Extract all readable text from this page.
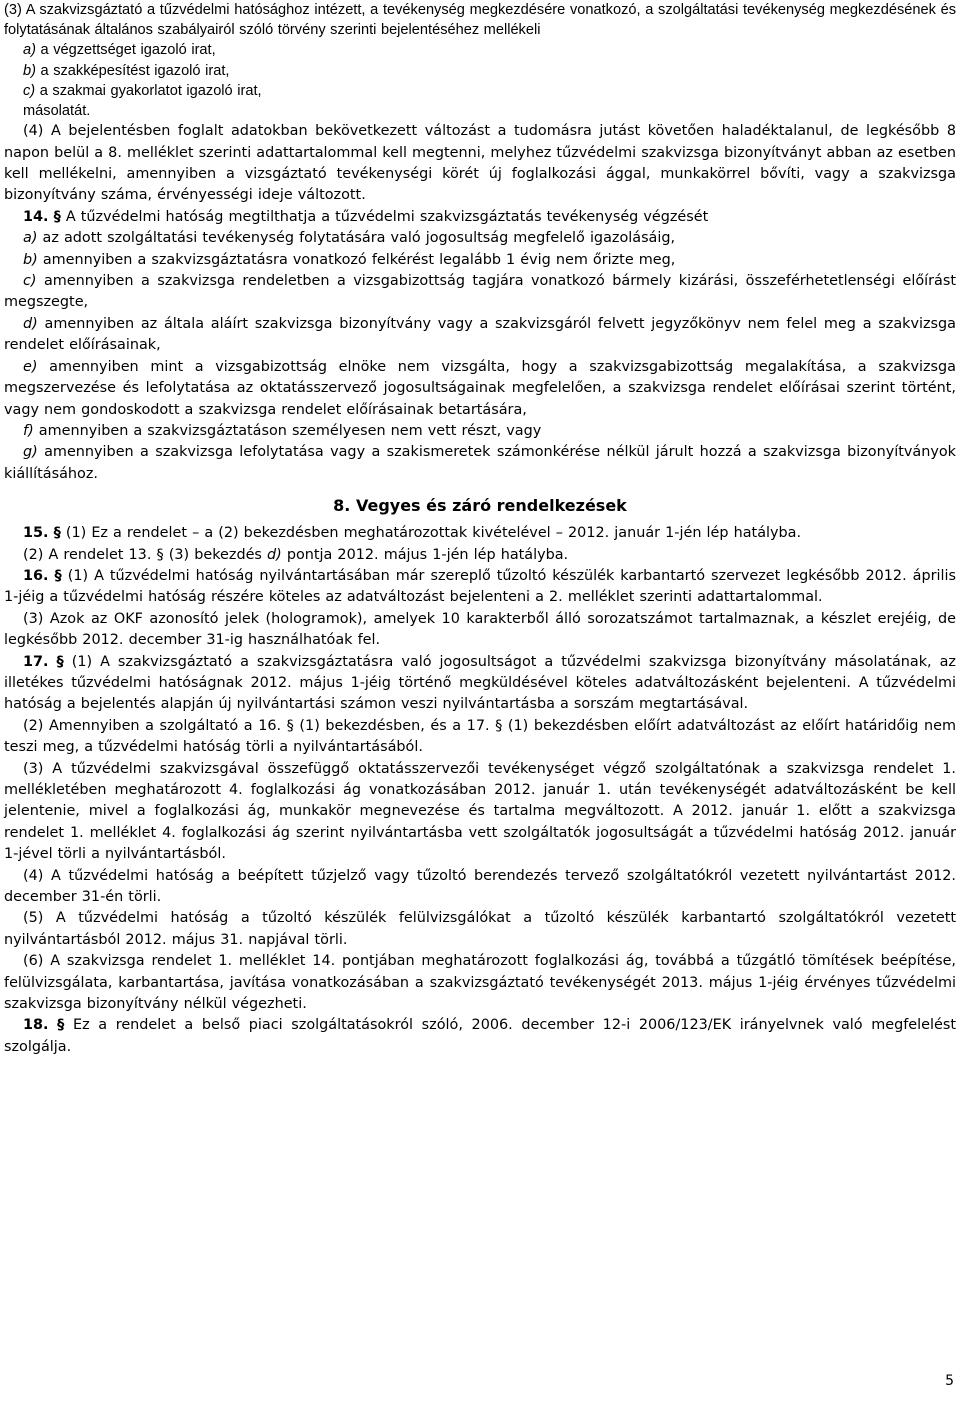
(3) A szakvizsgáztató a tűzvédelmi hatósághoz intézett, a tevékenység megkezdésére vonatkozó, a szolgáltatási tevékenység megkezdésének és folytatásának általános szabályairól szóló törvény szerinti bejelentéséhez mellékeli

a) a végzettséget igazoló irat,

b) a szakképesítést igazoló irat,

c) a szakmai gyakorlatot igazoló irat,

másolatát.

(4) A bejelentésben foglalt adatokban bekövetkezett változást a tudomásra jutást követően haladéktalanul, de legkésőbb 8 napon belül a 8. melléklet szerinti adattartalommal kell megtenni, melyhez tűzvédelmi szakvizsga bizonyítványt abban az esetben kell mellékelni, amennyiben a vizsgáztató tevékenységi körét új foglalkozási ággal, munkakörrel bővíti, vagy a szakvizsga bizonyítvány száma, érvényességi ideje változott.

14. § A tűzvédelmi hatóság megtilthatja a tűzvédelmi szakvizsgáztatás tevékenység végzését

a) az adott szolgáltatási tevékenység folytatására való jogosultság megfelelő igazolásáig,

b) amennyiben a szakvizsgáztatásra vonatkozó felkérést legalább 1 évig nem őrizte meg,

c) amennyiben a szakvizsga rendeletben a vizsgabizottság tagjára vonatkozó bármely kizárási, összeférhetetlenségi előírást megszegte,

d) amennyiben az általa aláírt szakvizsga bizonyítvány vagy a szakvizsgáról felvett jegyzőkönyv nem felel meg a szakvizsga rendelet előírásainak,

e) amennyiben mint a vizsgabizottság elnöke nem vizsgálta, hogy a szakvizsgabizottság megalakítása, a szakvizsga megszervezése és lefolytatása az oktatásszervező jogosultságainak megfelelően, a szakvizsga rendelet előírásai szerint történt, vagy nem gondoskodott a szakvizsga rendelet előírásainak betartására,

f) amennyiben a szakvizsgáztatáson személyesen nem vett részt, vagy

g) amennyiben a szakvizsga lefolytatása vagy a szakismeretek számonkérése nélkül járult hozzá a szakvizsga bizonyítványok kiállításához.

8. Vegyes és záró rendelkezések

15. § (1) Ez a rendelet – a (2) bekezdésben meghatározottak kivételével – 2012. január 1-jén lép hatályba.

(2) A rendelet 13. § (3) bekezdés d) pontja 2012. május 1-jén lép hatályba.

16. § (1) A tűzvédelmi hatóság nyilvántartásában már szereplő tűzoltó készülék karbantartó szervezet legkésőbb 2012. április 1-jéig a tűzvédelmi hatóság részére köteles az adatváltozást bejelenteni a 2. melléklet szerinti adattartalommal.

(3) Azok az OKF azonosító jelek (hologramok), amelyek 10 karakterből álló sorozatszámot tartalmaznak, a készlet erejéig, de legkésőbb 2012. december 31-ig használhatóak fel.

17. § (1) A szakvizsgáztató a szakvizsgáztatásra való jogosultságot a tűzvédelmi szakvizsga bizonyítvány másolatának, az illetékes tűzvédelmi hatóságnak 2012. május 1-jéig történő megküldésével köteles adatváltozásként bejelenteni. A tűzvédelmi hatóság a bejelentés alapján új nyilvántartási számon veszi nyilvántartásba a sorszám megtartásával.

(2) Amennyiben a szolgáltató a 16. § (1) bekezdésben, és a 17. § (1) bekezdésben előírt adatváltozást az előírt határidőig nem teszi meg, a tűzvédelmi hatóság törli a nyilvántartásából.

(3) A tűzvédelmi szakvizsgával összefüggő oktatásszervezői tevékenységet végző szolgáltatónak a szakvizsga rendelet 1. mellékletében meghatározott 4. foglalkozási ág vonatkozásában 2012. január 1. után tevékenységét adatváltozásként be kell jelentenie, mivel a foglalkozási ág, munkakör megnevezése és tartalma megváltozott. A 2012. január 1. előtt a szakvizsga rendelet 1. melléklet 4. foglalkozási ág szerint nyilvántartásba vett szolgáltatók jogosultságát a tűzvédelmi hatóság 2012. január 1-jével törli a nyilvántartásból.

(4) A tűzvédelmi hatóság a beépített tűzjelző vagy tűzoltó berendezés tervező szolgáltatókról vezetett nyilvántartást 2012. december 31-én törli.

(5) A tűzvédelmi hatóság a tűzoltó készülék felülvizsgálókat a tűzoltó készülék karbantartó szolgáltatókról vezetett nyilvántartásból 2012. május 31. napjával törli.

(6) A szakvizsga rendelet 1. melléklet 14. pontjában meghatározott foglalkozási ág, továbbá a tűzgátló tömítések beépítése, felülvizsgálata, karbantartása, javítása vonatkozásában a szakvizsgáztató tevékenységét 2013. május 1-jéig érvényes tűzvédelmi szakvizsga bizonyítvány nélkül végezheti.

18. § Ez a rendelet a belső piaci szolgáltatásokról szóló, 2006. december 12-i 2006/123/EK irányelvnek való megfelelést szolgálja.

5
